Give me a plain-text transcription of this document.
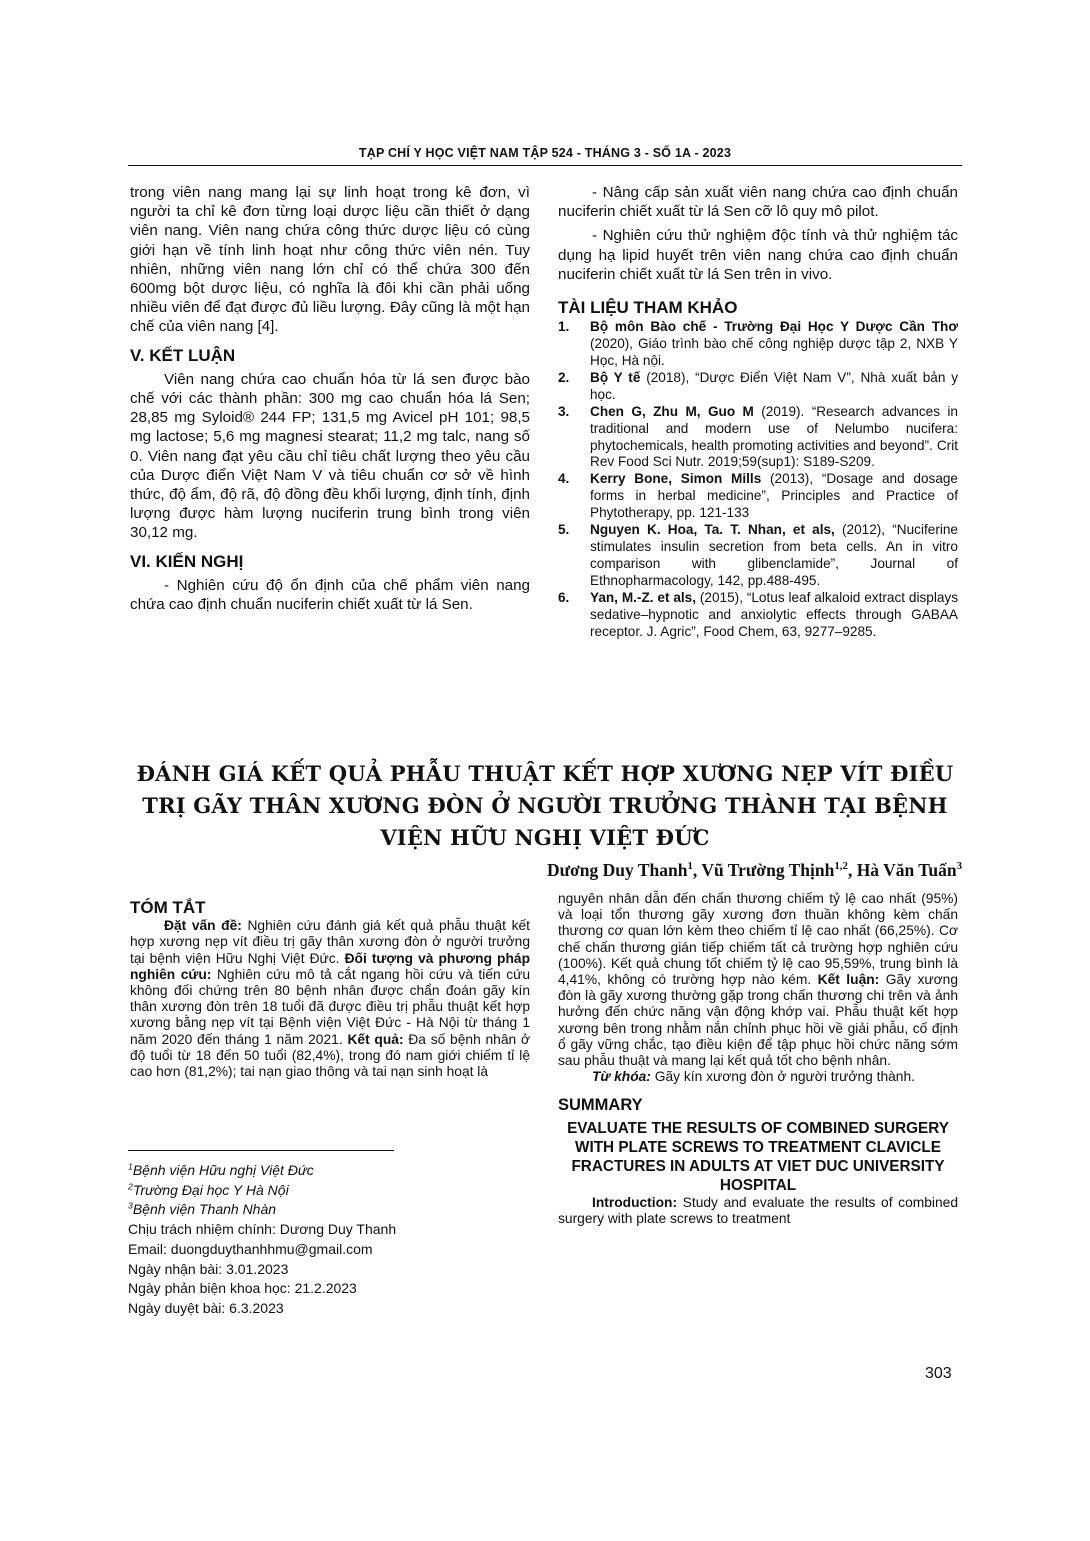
TẠP CHÍ Y HỌC VIỆT NAM TẬP 524 - THÁNG 3 - SỐ 1A - 2023

trong viên nang mang lại sự linh hoạt trong kê đơn, vì người ta chỉ kê đơn từng loại dược liệu cần thiết ở dạng viên nang. Viên nang chứa công thức dược liệu có cùng giới hạn về tính linh hoạt như công thức viên nén. Tuy nhiên, những viên nang lớn chỉ có thể chứa 300 đến 600mg bột dược liệu, có nghĩa là đôi khi cần phải uống nhiều viên để đạt được đủ liều lượng. Đây cũng là một hạn chế của viên nang [4].

V. KẾT LUẬN

Viên nang chứa cao chuẩn hóa từ lá sen được bào chế với các thành phần: 300 mg cao chuẩn hóa lá Sen; 28,85 mg Syloid® 244 FP; 131,5 mg Avicel pH 101; 98,5 mg lactose; 5,6 mg magnesi stearat; 11,2 mg talc, nang số 0. Viên nang đạt yêu cầu chỉ tiêu chất lượng theo yêu cầu của Dược điển Việt Nam V và tiêu chuẩn cơ sở về hình thức, độ ẩm, độ rã, độ đồng đều khối lượng, định tính, định lượng được hàm lượng nuciferin trung bình trong viên 30,12 mg.

VI. KIẾN NGHỊ

- Nghiên cứu độ ổn định của chế phẩm viên nang chứa cao định chuẩn nuciferin chiết xuất từ lá Sen.

- Nâng cấp sản xuất viên nang chứa cao định chuẩn nuciferin chiết xuất từ lá Sen cỡ lô quy mô pilot.

- Nghiên cứu thử nghiệm độc tính và thử nghiệm tác dụng hạ lipid huyết trên viên nang chứa cao định chuẩn nuciferin chiết xuất từ lá Sen trên in vivo.

TÀI LIỆU THAM KHẢO
1.	Bộ môn Bào chế - Trường Đại Học Y Dược Cần Thơ (2020), Giáo trình bào chế công nghiệp dược tập 2, NXB Y Học, Hà nội.
2.	Bộ Y tế (2018), “Dược Điển Việt Nam V”, Nhà xuất bản y học.
3.	Chen G, Zhu M, Guo M (2019). “Research advances in traditional and modern use of Nelumbo nucifera: phytochemicals, health promoting activities and beyond”. Crit Rev Food Sci Nutr. 2019;59(sup1): S189-S209.
4.	Kerry Bone, Simon Mills (2013), “Dosage and dosage forms in herbal medicine”, Principles and Practice of Phytotherapy, pp. 121-133
5.	Nguyen K. Hoa, Ta. T. Nhan, et als, (2012), “Nuciferine stimulates insulin secretion from beta cells. An in vitro comparison with glibenclamide”, Journal of Ethnopharmacology, 142, pp.488-495.
6.	Yan, M.-Z. et als, (2015), “Lotus leaf alkaloid extract displays sedative–hypnotic and anxiolytic effects through GABAA receptor. J. Agric”, Food Chem, 63, 9277–9285.
ĐÁNH GIÁ KẾT QUẢ PHẪU THUẬT KẾT HỢP XƯƠNG NẸP VÍT ĐIỀU TRỊ GÃY THÂN XƯƠNG ĐÒN Ở NGƯỜI TRƯỞNG THÀNH TẠI BỆNH VIỆN HỮU NGHỊ VIỆT ĐỨC
Dương Duy Thanh$^1$, Vũ Trường Thịnh$^{1,2}$, Hà Văn Tuấn$^3$
TÓM TẮT

Đặt vấn đề: Nghiên cứu đánh giá kết quả phẫu thuật kết hợp xương nẹp vít điều trị gãy thân xương đòn ở người trưởng tại bệnh viện Hữu Nghị Việt Đức. Đối tượng và phương pháp nghiên cứu: Nghiên cứu mô tả cắt ngang hồi cứu và tiến cứu không đối chứng trên 80 bệnh nhân được chẩn đoán gãy kín thân xương đòn trên 18 tuổi đã được điều trị phẫu thuật kết hợp xương bằng nẹp vít tại Bệnh viện Việt Đức - Hà Nội từ tháng 1 năm 2020 đến tháng 1 năm 2021. Kết quả: Đa số bệnh nhân ở độ tuổi từ 18 đến 50 tuổi (82,4%), trong đó nam giới chiếm tỉ lệ cao hơn (81,2%); tai nạn giao thông và tai nạn sinh hoạt là

$^1$Bệnh viện Hữu nghị Việt Đức
$^2$Trường Đại học Y Hà Nội
$^3$Bệnh viện Thanh Nhàn
Chịu trách nhiệm chính: Dương Duy Thanh
Email: duongduythanhhmu@gmail.com
Ngày nhận bài: 3.01.2023
Ngày phản biện khoa học: 21.2.2023
Ngày duyệt bài: 6.3.2023

nguyên nhân dẫn đến chấn thương chiếm tỷ lệ cao nhất (95%) và loại tổn thương gãy xương đơn thuần không kèm chấn thương cơ quan lớn kèm theo chiếm tỉ lệ cao nhất (66,25%). Cơ chế chấn thương gián tiếp chiếm tất cả trường hợp nghiên cứu (100%). Kết quả chung tốt chiếm tỷ lệ cao 95,59%, trung bình là 4,41%, không có trường hợp nào kém. Kết luận: Gãy xương đòn là gãy xương thường gặp trong chấn thương chi trên và ảnh hưởng đến chức năng vận động khớp vai. Phẫu thuật kết hợp xương bên trong nhằm nắn chỉnh phục hồi về giải phẫu, cố định ổ gãy vững chắc, tạo điều kiện để tập phục hồi chức năng sớm sau phẫu thuật và mang lại kết quả tốt cho bệnh nhân.

Từ khóa: Gãy kín xương đòn ở người trưởng thành.

SUMMARY
EVALUATE THE RESULTS OF COMBINED SURGERY WITH PLATE SCREWS TO TREATMENT CLAVICLE FRACTURES IN ADULTS AT VIET DUC UNIVERSITY HOSPITAL

Introduction: Study and evaluate the results of combined surgery with plate screws to treatment

303
